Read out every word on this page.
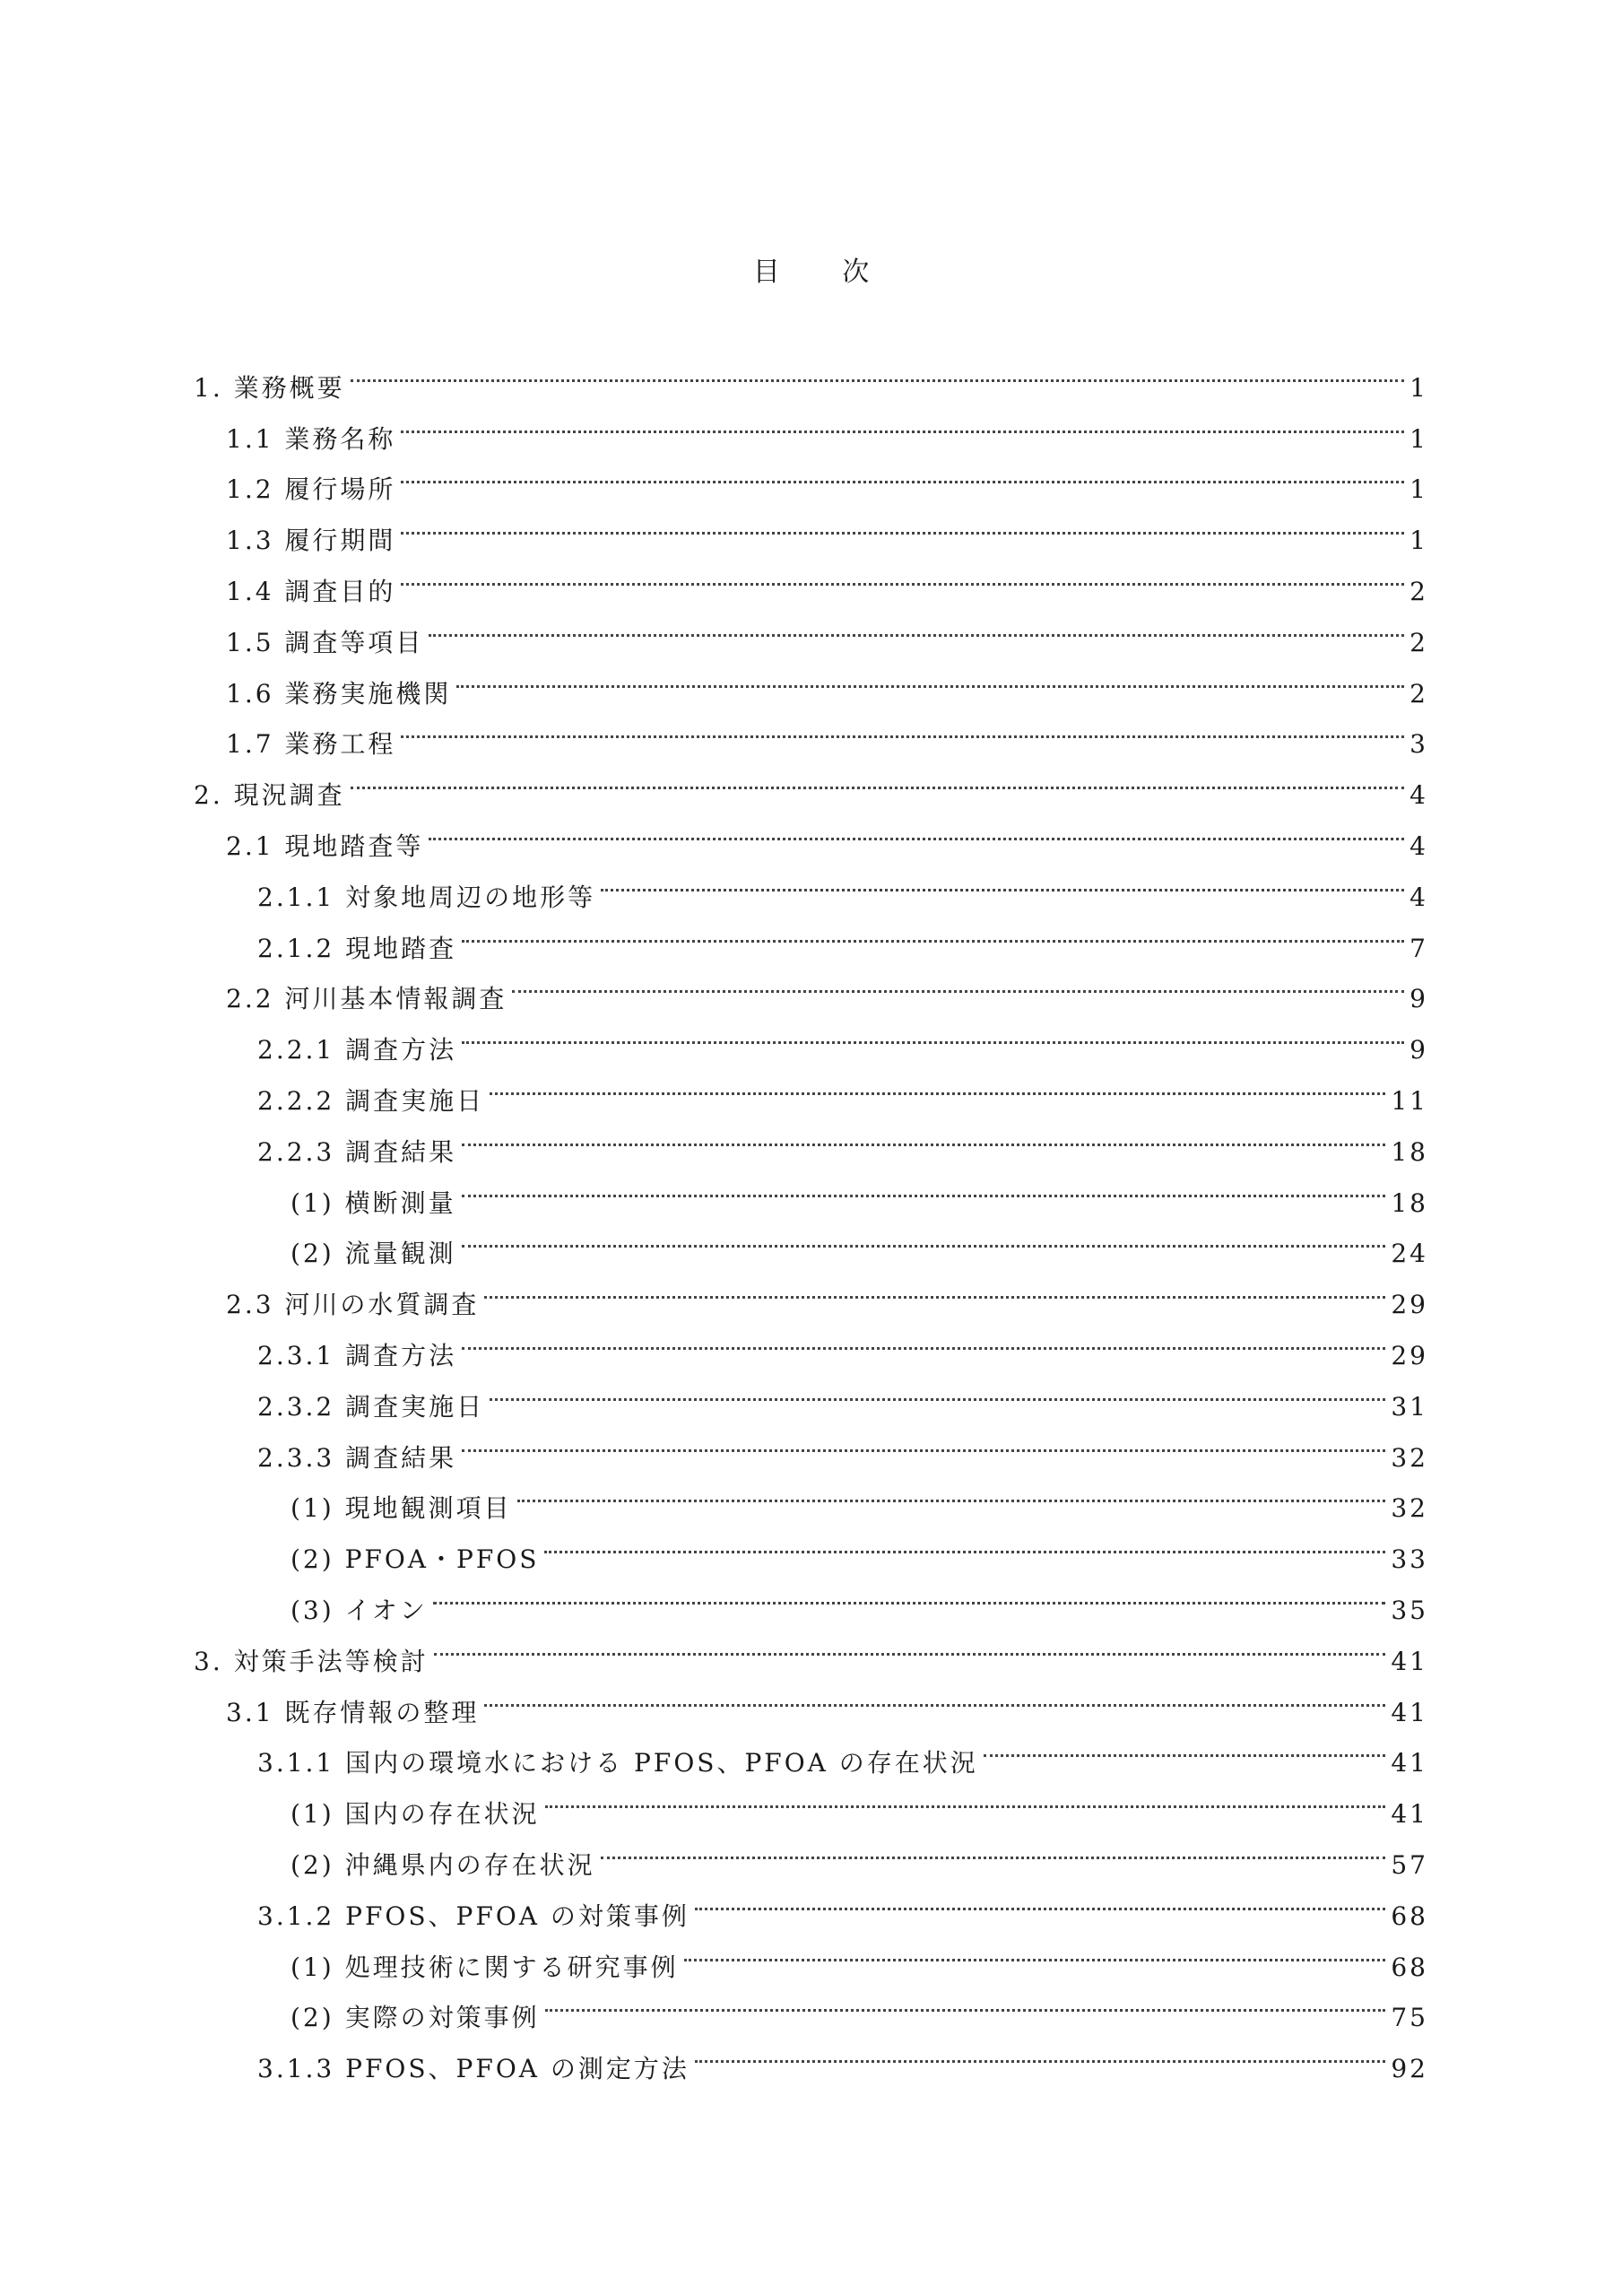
目 次
1. 業務概要	1
1.1 業務名称	1
1.2 履行場所	1
1.3 履行期間	1
1.4 調査目的	2
1.5 調査等項目	2
1.6 業務実施機関	2
1.7 業務工程	3
2. 現況調査	4
2.1 現地踏査等	4
2.1.1 対象地周辺の地形等	4
2.1.2 現地踏査	7
2.2 河川基本情報調査	9
2.2.1 調査方法	9
2.2.2 調査実施日	11
2.2.3 調査結果	18
(1) 横断測量	18
(2) 流量観測	24
2.3 河川の水質調査	29
2.3.1 調査方法	29
2.3.2 調査実施日	31
2.3.3 調査結果	32
(1) 現地観測項目	32
(2) PFOA・PFOS	33
(3) イオン	35
3. 対策手法等検討	41
3.1 既存情報の整理	41
3.1.1 国内の環境水における PFOS、PFOA の存在状況	41
(1) 国内の存在状況	41
(2) 沖縄県内の存在状況	57
3.1.2 PFOS、PFOA の対策事例	68
(1) 処理技術に関する研究事例	68
(2) 実際の対策事例	75
3.1.3 PFOS、PFOA の測定方法	92
